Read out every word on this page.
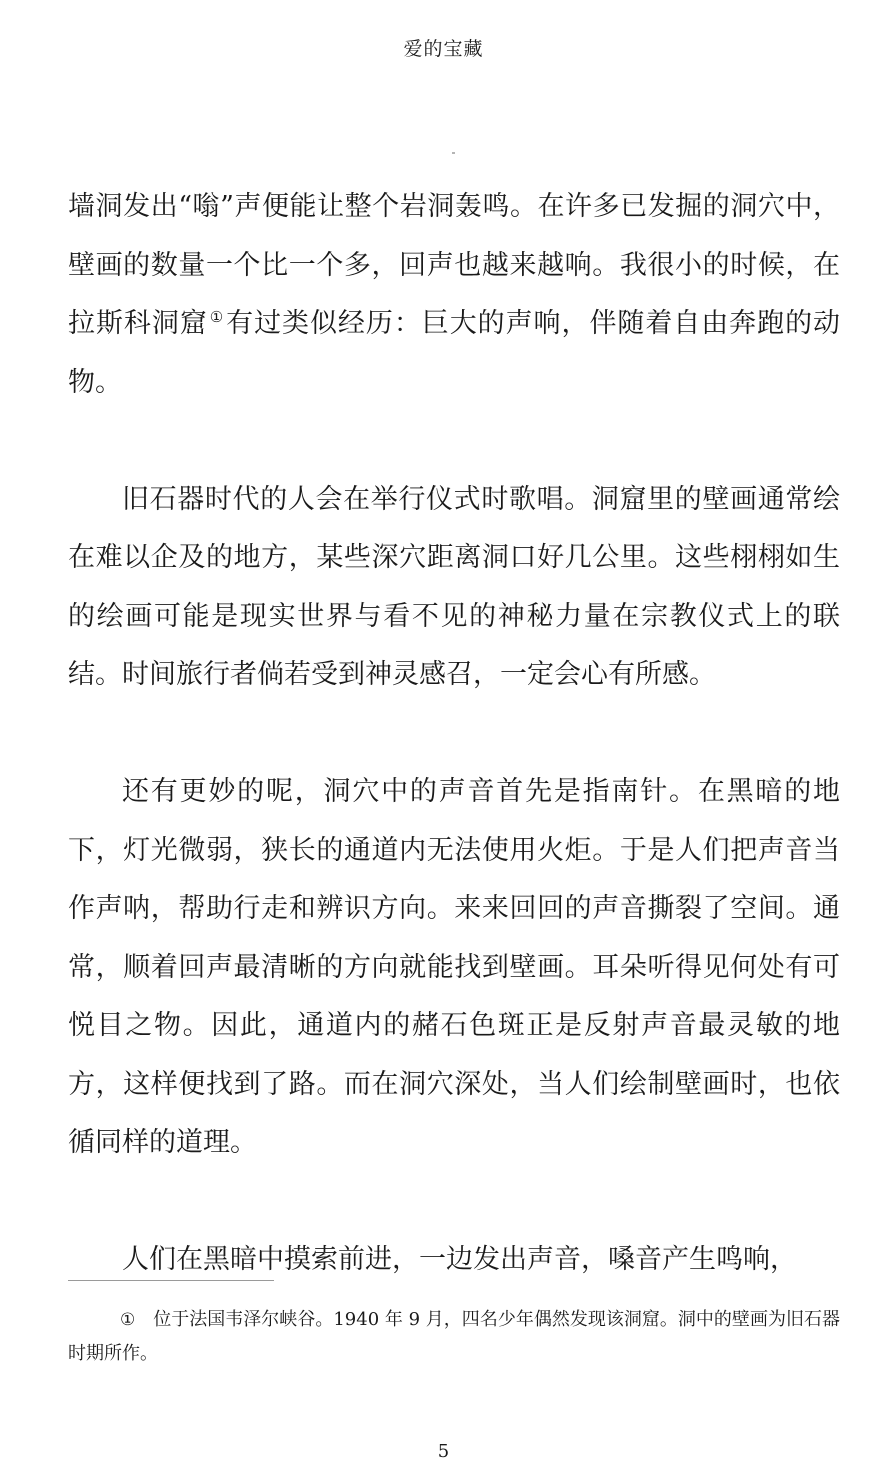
爱的宝藏

墙洞发出“嗡”声便能让整个岩洞轰鸣。在许多已发掘的洞穴中，壁画的数量一个比一个多，回声也越来越响。我很小的时候，在拉斯科洞窟 ①有过类似经历：巨大的声响，伴随着自由奔跑的动物。

旧石器时代的人会在举行仪式时歌唱。洞窟里的壁画通常绘在难以企及的地方，某些深穴距离洞口好几公里。这些栩栩如生的绘画可能是现实世界与看不见的神秘力量在宗教仪式上的联结。时间旅行者倘若受到神灵感召，一定会心有所感。

还有更妙的呢，洞穴中的声音首先是指南针。在黑暗的地下，灯光微弱，狭长的通道内无法使用火炬。于是人们把声音当作声呐，帮助行走和辨识方向。来来回回的声音撕裂了空间。通常，顺着回声最清晰的方向就能找到壁画。耳朵听得见何处有可悦目之物。因此，通道内的赭石色斑正是反射声音最灵敏的地方，这样便找到了路。而在洞穴深处，当人们绘制壁画时，也依循同样的道理。

人们在黑暗中摸索前进，一边发出声音，嗓音产生鸣响，

① 位于法国韦泽尔峡谷。1940 年 9 月，四名少年偶然发现该洞窟。洞中的壁画为旧石器时期所作。
5
